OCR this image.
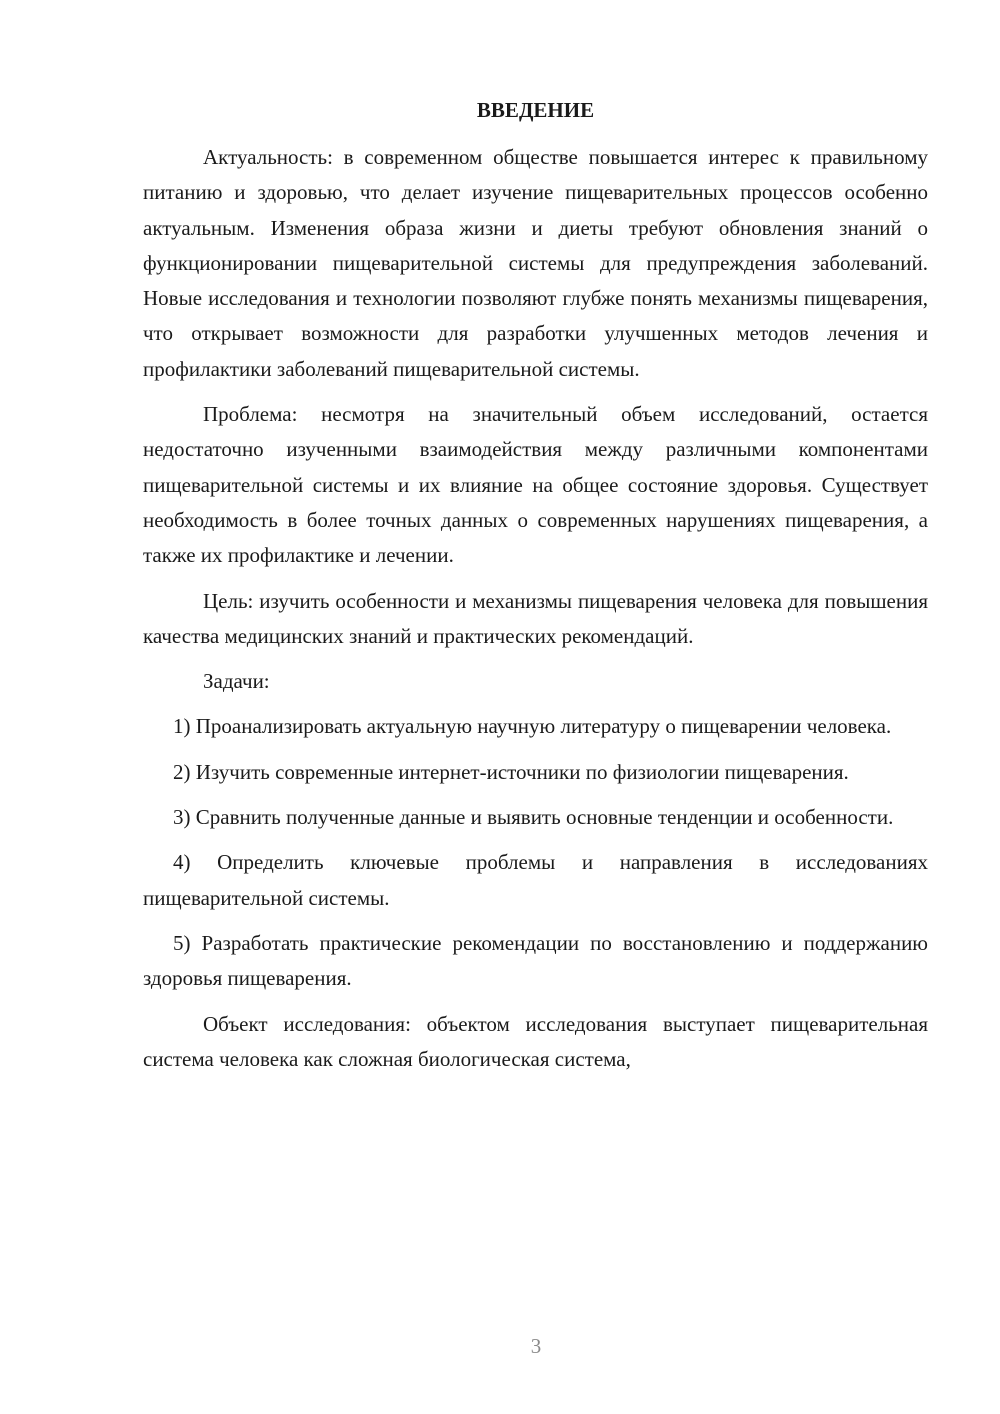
ВВЕДЕНИЕ

Актуальность: в современном обществе повышается интерес к правильному питанию и здоровью, что делает изучение пищеварительных процессов особенно актуальным. Изменения образа жизни и диеты требуют обновления знаний о функционировании пищеварительной системы для предупреждения заболеваний. Новые исследования и технологии позволяют глубже понять механизмы пищеварения, что открывает возможности для разработки улучшенных методов лечения и профилактики заболеваний пищеварительной системы.

Проблема: несмотря на значительный объем исследований, остается недостаточно изученными взаимодействия между различными компонентами пищеварительной системы и их влияние на общее состояние здоровья. Существует необходимость в более точных данных о современных нарушениях пищеварения, а также их профилактике и лечении.

Цель: изучить особенности и механизмы пищеварения человека для повышения качества медицинских знаний и практических рекомендаций.

Задачи:

1) Проанализировать актуальную научную литературу о пищеварении человека.

2) Изучить современные интернет-источники по физиологии пищеварения.

3) Сравнить полученные данные и выявить основные тенденции и особенности.

4) Определить ключевые проблемы и направления в исследованиях пищеварительной системы.

5) Разработать практические рекомендации по восстановлению и поддержанию здоровья пищеварения.

Объект исследования: объектом исследования выступает пищеварительная система человека как сложная биологическая система,

3
